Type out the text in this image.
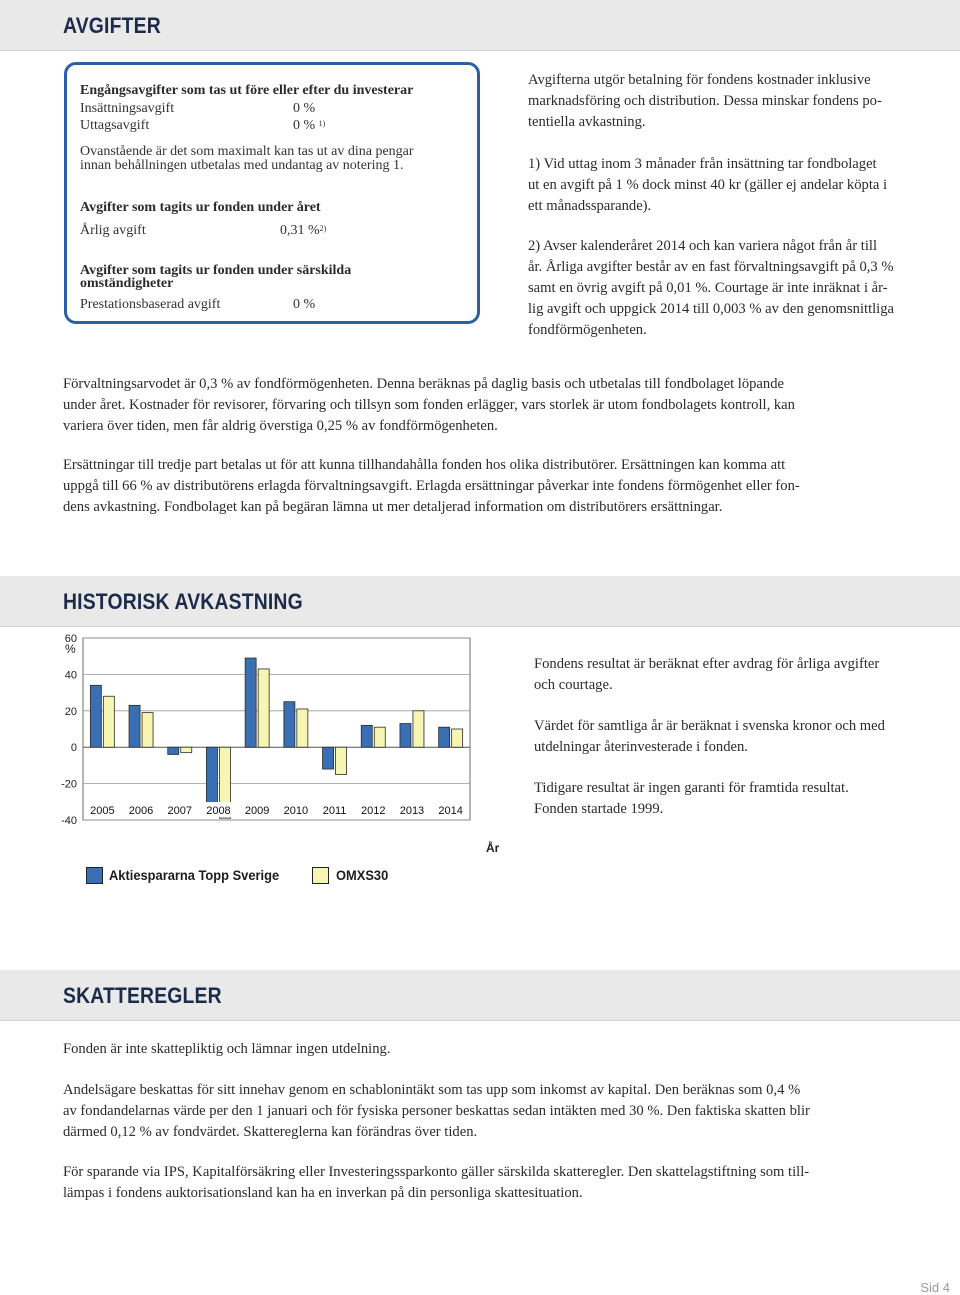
AVGIFTER
Engångsavgifter som tas ut före eller efter du investerar
Insättningsavgift	0 %
Uttagsavgift	0 % $^{1)}$
Ovanstående är det som maximalt kan tas ut av dina pengar
innan behållningen utbetalas med undantag av notering 1.
Avgifter som tagits ur fonden under året
Årlig avgift	0,31 %$^{2)}$
Avgifter som tagits ur fonden under särskilda
omständigheter
Prestationsbaserad avgift	0 %
Avgifterna utgör betalning för fondens kostnader inklusive
marknadsföring och distribution. Dessa minskar fondens po-
tentiella avkastning.
1) Vid uttag inom 3 månader från insättning tar fondbolaget
ut en avgift på 1 % dock minst 40 kr (gäller ej andelar köpta i
ett månadssparande).
2) Avser kalenderåret 2014 och kan variera något från år till
år. Årliga avgifter består av en fast förvaltningsavgift på 0,3 %
samt en övrig avgift på 0,01 %. Courtage är inte inräknat i år-
lig avgift och uppgick 2014 till 0,003 % av den genomsnittliga
fondförmögenheten.
Förvaltningsarvodet är 0,3 % av fondförmögenheten. Denna beräknas på daglig basis och utbetalas till fondbolaget löpande
under året. Kostnader för revisorer, förvaring och tillsyn som fonden erlägger, vars storlek är utom fondbolagets kontroll, kan
variera över tiden, men får aldrig överstiga 0,25 % av fondförmögenheten.
Ersättningar till tredje part betalas ut för att kunna tillhandahålla fonden hos olika distributörer. Ersättningen kan komma att
uppgå till 66 % av distributörens erlagda förvaltningsavgift. Erlagda ersättningar påverkar inte fondens förmögenhet eller fon-
dens avkastning. Fondbolaget kan på begäran lämna ut mer detaljerad information om distributörers ersättningar.
HISTORISK AVKASTNING
60
40
20
0
-20
-40
%
2005 2006 2007 2008 2009 2010 2011 2012 2013 2014
År
Aktiespararna Topp Sverige	OMXS30
Fondens resultat är beräknat efter avdrag för årliga avgifter
och courtage.
Värdet för samtliga år är beräknat i svenska kronor och med
utdelningar återinvesterade i fonden.
Tidigare resultat är ingen garanti för framtida resultat.
Fonden startade 1999.
SKATTEREGLER
Fonden är inte skattepliktig och lämnar ingen utdelning.
Andelsägare beskattas för sitt innehav genom en schablonintäkt som tas upp som inkomst av kapital. Den beräknas som 0,4 %
av fondandelarnas värde per den 1 januari och för fysiska personer beskattas sedan intäkten med 30 %. Den faktiska skatten blir
därmed 0,12 % av fondvärdet. Skattereglerna kan förändras över tiden.
För sparande via IPS, Kapitalförsäkring eller Investeringssparkonto gäller särskilda skatteregler. Den skattelagstiftning som till-
lämpas i fondens auktorisationsland kan ha en inverkan på din personliga skattesituation.
Sid 4
